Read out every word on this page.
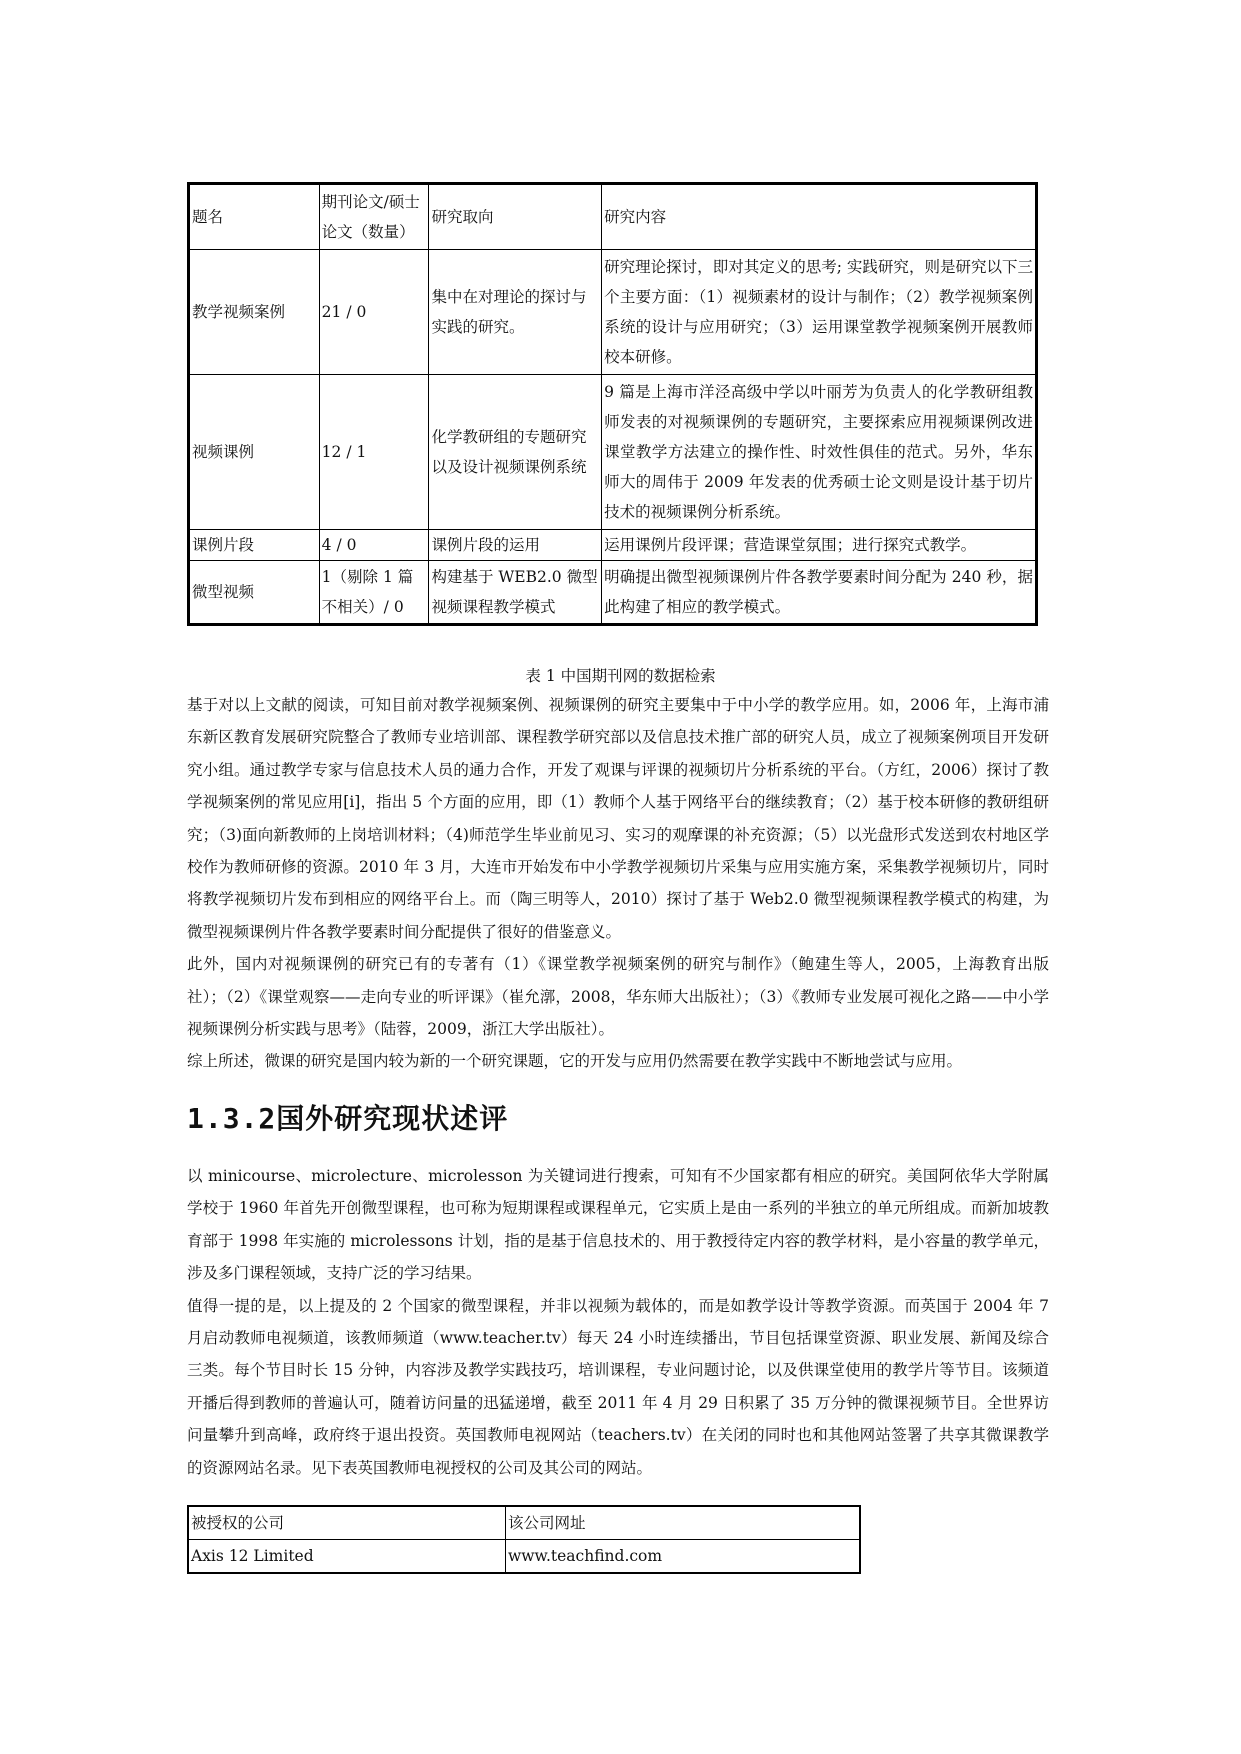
题名	期刊论文/硕士论文（数量）	研究取向	研究内容
教学视频案例	21 / 0	集中在对理论的探讨与实践的研究。	研究理论探讨，即对其定义的思考; 实践研究，则是研究以下三个主要方面：（1）视频素材的设计与制作；（2）教学视频案例系统的设计与应用研究；（3）运用课堂教学视频案例开展教师校本研修。
视频课例	12 / 1	化学教研组的专题研究以及设计视频课例系统	9 篇是上海市洋泾高级中学以叶丽芳为负责人的化学教研组教师发表的对视频课例的专题研究，主要探索应用视频课例改进课堂教学方法建立的操作性、时效性俱佳的范式。另外，华东师大的周伟于 2009 年发表的优秀硕士论文则是设计基于切片技术的视频课例分析系统。
课例片段	4 / 0	课例片段的运用	运用课例片段评课；营造课堂氛围；进行探究式教学。
微型视频	1（剔除 1 篇不相关）/ 0	构建基于 WEB2.0 微型视频课程教学模式	明确提出微型视频课例片件各教学要素时间分配为 240 秒，据此构建了相应的教学模式。
表 1 中国期刊网的数据检索

基于对以上文献的阅读，可知目前对教学视频案例、视频课例的研究主要集中于中小学的教学应用。如，2006 年，上海市浦东新区教育发展研究院整合了教师专业培训部、课程教学研究部以及信息技术推广部的研究人员，成立了视频案例项目开发研究小组。通过教学专家与信息技术人员的通力合作，开发了观课与评课的视频切片分析系统的平台。（方红，2006）探讨了教学视频案例的常见应用[i]，指出 5 个方面的应用，即（1）教师个人基于网络平台的继续教育；（2）基于校本研修的教研组研究；（3)面向新教师的上岗培训材料；（4)师范学生毕业前见习、实习的观摩课的补充资源；（5）以光盘形式发送到农村地区学校作为教师研修的资源。2010 年 3 月，大连市开始发布中小学教学视频切片采集与应用实施方案，采集教学视频切片，同时将教学视频切片发布到相应的网络平台上。而（陶三明等人，2010）探讨了基于 Web2.0 微型视频课程教学模式的构建，为微型视频课例片件各教学要素时间分配提供了很好的借鉴意义。

此外，国内对视频课例的研究已有的专著有（1）《课堂教学视频案例的研究与制作》（鲍建生等人，2005，上海教育出版社）；（2）《课堂观察——走向专业的听评课》（崔允漷，2008，华东师大出版社）；（3）《教师专业发展可视化之路——中小学视频课例分析实践与思考》（陆蓉，2009，浙江大学出版社）。

综上所述，微课的研究是国内较为新的一个研究课题，它的开发与应用仍然需要在教学实践中不断地尝试与应用。

1.3.2国外研究现状述评

以 minicourse、microlecture、microlesson 为关键词进行搜索，可知有不少国家都有相应的研究。美国阿依华大学附属学校于 1960 年首先开创微型课程，也可称为短期课程或课程单元，它实质上是由一系列的半独立的单元所组成。而新加坡教育部于 1998 年实施的 microlessons 计划，指的是基于信息技术的、用于教授待定内容的教学材料，是小容量的教学单元，涉及多门课程领域，支持广泛的学习结果。

值得一提的是，以上提及的 2 个国家的微型课程，并非以视频为载体的，而是如教学设计等教学资源。而英国于 2004 年 7 月启动教师电视频道，该教师频道（www.teacher.tv）每天 24 小时连续播出，节目包括课堂资源、职业发展、新闻及综合三类。每个节目时长 15 分钟，内容涉及教学实践技巧，培训课程，专业问题讨论，以及供课堂使用的教学片等节目。该频道开播后得到教师的普遍认可，随着访问量的迅猛递增，截至 2011 年 4 月 29 日积累了 35 万分钟的微课视频节目。全世界访问量攀升到高峰，政府终于退出投资。英国教师电视网站（teachers.tv）在关闭的同时也和其他网站签署了共享其微课教学的资源网站名录。见下表英国教师电视授权的公司及其公司的网站。

被授权的公司	该公司网址
Axis 12 Limited	www.teachfind.com
